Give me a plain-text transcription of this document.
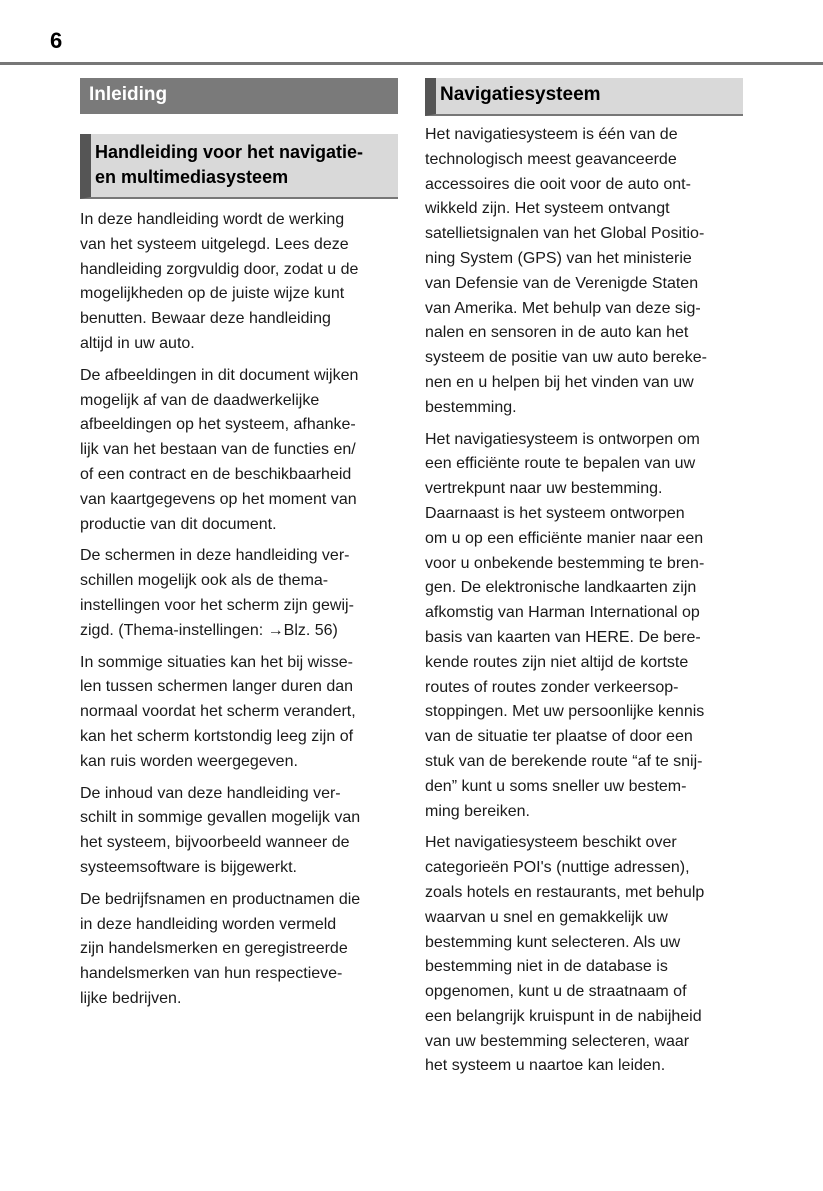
6
Inleiding
Handleiding voor het navigatie-
en multimediasysteem
In deze handleiding wordt de werking
van het systeem uitgelegd. Lees deze
handleiding zorgvuldig door, zodat u de
mogelijkheden op de juiste wijze kunt
benutten. Bewaar deze handleiding
altijd in uw auto.
De afbeeldingen in dit document wijken
mogelijk af van de daadwerkelijke
afbeeldingen op het systeem, afhanke-
lijk van het bestaan van de functies en/
of een contract en de beschikbaarheid
van kaartgegevens op het moment van
productie van dit document.
De schermen in deze handleiding ver-
schillen mogelijk ook als de thema-
instellingen voor het scherm zijn gewij-
zigd. (Thema-instellingen: →Blz. 56)
In sommige situaties kan het bij wisse-
len tussen schermen langer duren dan
normaal voordat het scherm verandert,
kan het scherm kortstondig leeg zijn of
kan ruis worden weergegeven.
De inhoud van deze handleiding ver-
schilt in sommige gevallen mogelijk van
het systeem, bijvoorbeeld wanneer de
systeemsoftware is bijgewerkt.
De bedrijfsnamen en productnamen die
in deze handleiding worden vermeld
zijn handelsmerken en geregistreerde
handelsmerken van hun respectieve-
lijke bedrijven.
Navigatiesysteem
Het navigatiesysteem is één van de
technologisch meest geavanceerde
accessoires die ooit voor de auto ont-
wikkeld zijn. Het systeem ontvangt
satellietsignalen van het Global Positio-
ning System (GPS) van het ministerie
van Defensie van de Verenigde Staten
van Amerika. Met behulp van deze sig-
nalen en sensoren in de auto kan het
systeem de positie van uw auto bereke-
nen en u helpen bij het vinden van uw
bestemming.
Het navigatiesysteem is ontworpen om
een efficiënte route te bepalen van uw
vertrekpunt naar uw bestemming.
Daarnaast is het systeem ontworpen
om u op een efficiënte manier naar een
voor u onbekende bestemming te bren-
gen. De elektronische landkaarten zijn
afkomstig van Harman International op
basis van kaarten van HERE. De bere-
kende routes zijn niet altijd de kortste
routes of routes zonder verkeersop-
stoppingen. Met uw persoonlijke kennis
van de situatie ter plaatse of door een
stuk van de berekende route “af te snij-
den” kunt u soms sneller uw bestem-
ming bereiken.
Het navigatiesysteem beschikt over
categorieën POI's (nuttige adressen),
zoals hotels en restaurants, met behulp
waarvan u snel en gemakkelijk uw
bestemming kunt selecteren. Als uw
bestemming niet in de database is
opgenomen, kunt u de straatnaam of
een belangrijk kruispunt in de nabijheid
van uw bestemming selecteren, waar
het systeem u naartoe kan leiden.
